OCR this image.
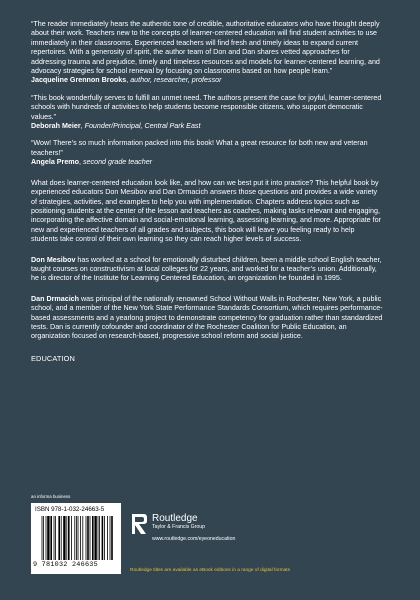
“The reader immediately hears the authentic tone of credible, authoritative educators who have thought deeply about their work. Teachers new to the concepts of learner-centered education will find student activities to use immediately in their classrooms. Experienced teachers will find fresh and timely ideas to expand current repertoires. With a generosity of spirit, the author team of Don and Dan shares vetted approaches for addressing trauma and prejudice, timely and timeless resources and models for learner-centered learning, and advocacy strategies for school renewal by focusing on classrooms based on how people learn.”
Jacqueline Grennon Brooks, author, researcher, professor
“This book wonderfully serves to fulfill an unmet need. The authors present the case for joyful, learner-centered schools with hundreds of activities to help students become responsible citizens, who support democratic values.”
Deborah Meier, Founder/Principal, Central Park East
“Wow! There’s so much information packed into this book! What a great resource for both new and veteran teachers!”
Angela Premo, second grade teacher
What does learner-centered education look like, and how can we best put it into practice? This helpful book by experienced educators Don Mesibov and Dan Drmacich answers those questions and provides a wide variety of strategies, activities, and examples to help you with implementation. Chapters address topics such as positioning students at the center of the lesson and teachers as coaches, making tasks relevant and engaging, incorporating the affective domain and social-emotional learning, assessing learning, and more. Appropriate for new and experienced teachers of all grades and subjects, this book will leave you feeling ready to help students take control of their own learning so they can reach higher levels of success.
Don Mesibov has worked at a school for emotionally disturbed children, been a middle school English teacher, taught courses on constructivism at local colleges for 22 years, and worked for a teacher’s union. Additionally, he is director of the Institute for Learning Centered Education, an organization he founded in 1995.
Dan Drmacich was principal of the nationally renowned School Without Walls in Rochester, New York, a public school, and a member of the New York State Performance Standards Consortium, which requires performance-based assessments and a yearlong project to demonstrate competency for graduation rather than standardized tests. Dan is currently cofounder and coordinator of the Rochester Coalition for Public Education, an organization focused on research-based, progressive school reform and social justice.
EDUCATION
an informa business
ISBN 978-1-032-24663-5
9 781032 246635
Routledge
Taylor & Francis Group
www.routledge.com/eyeoneducation
Routledge titles are available as eBook editions in a range of digital formats
